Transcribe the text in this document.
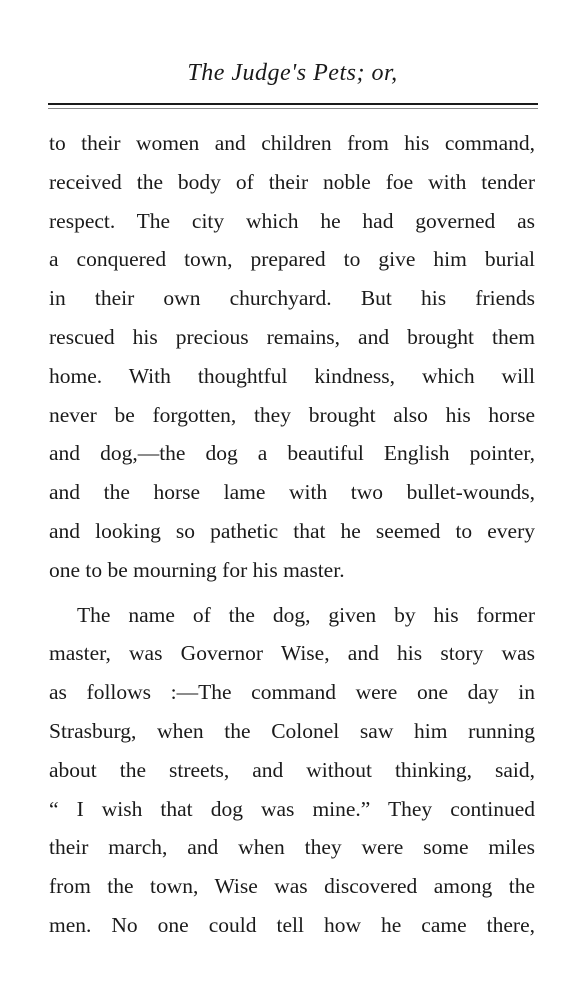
The Judge's Pets; or,
to their women and children from his command,
received the body of their noble foe with tender
respect. The city which he had governed as
a conquered town, prepared to give him burial
in their own churchyard. But his friends
rescued his precious remains, and brought them
home. With thoughtful kindness, which will
never be forgotten, they brought also his horse
and dog,—the dog a beautiful English pointer,
and the horse lame with two bullet-wounds,
and looking so pathetic that he seemed to every
one to be mourning for his master.
The name of the dog, given by his former
master, was Governor Wise, and his story was
as follows :—The command were one day in
Strasburg, when the Colonel saw him running
about the streets, and without thinking, said,
“ I wish that dog was mine.” They continued
their march, and when they were some miles
from the town, Wise was discovered among the
men. No one could tell how he came there,
